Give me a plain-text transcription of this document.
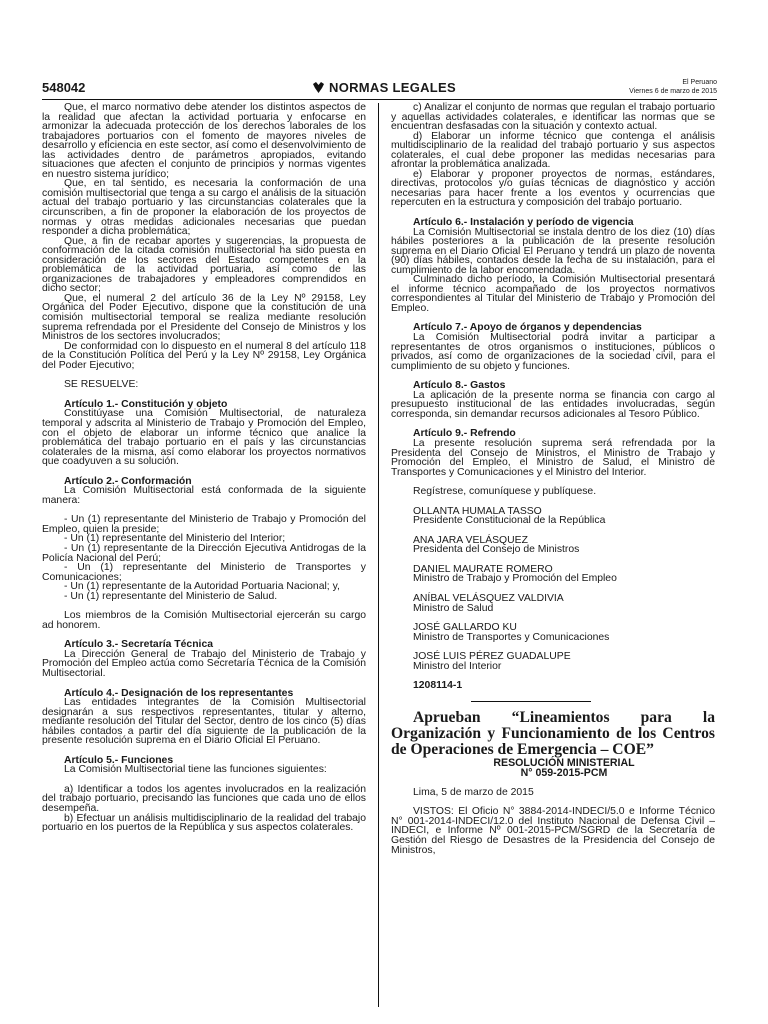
548042	NORMAS LEGALES	El Peruano
Viernes 6 de marzo de 2015

Que, el marco normativo debe atender los distintos aspectos de la realidad que afectan la actividad portuaria y enfocarse en armonizar la adecuada protección de los derechos laborales de los trabajadores portuarios con el fomento de mayores niveles de desarrollo y eficiencia en este sector, así como el desenvolvimiento de las actividades dentro de parámetros apropiados, evitando situaciones que afecten el conjunto de principios y normas vigentes en nuestro sistema jurídico;

Que, en tal sentido, es necesaria la conformación de una comisión multisectorial que tenga a su cargo el análisis de la situación actual del trabajo portuario y las circunstancias colaterales que la circunscriben, a fin de proponer la elaboración de los proyectos de normas y otras medidas adicionales necesarias que puedan responder a dicha problemática;

Que, a fin de recabar aportes y sugerencias, la propuesta de conformación de la citada comisión multisectorial ha sido puesta en consideración de los sectores del Estado competentes en la problemática de la actividad portuaria, así como de las organizaciones de trabajadores y empleadores comprendidos en dicho sector;

Que, el numeral 2 del artículo 36 de la Ley Nº 29158, Ley Orgánica del Poder Ejecutivo, dispone que la constitución de una comisión multisectorial temporal se realiza mediante resolución suprema refrendada por el Presidente del Consejo de Ministros y los Ministros de los sectores involucrados;

De conformidad con lo dispuesto en el numeral 8 del artículo 118 de la Constitución Política del Perú y la Ley Nº 29158, Ley Orgánica del Poder Ejecutivo;

SE RESUELVE:

Artículo 1.- Constitución y objeto

Constitúyase una Comisión Multisectorial, de naturaleza temporal y adscrita al Ministerio de Trabajo y Promoción del Empleo, con el objeto de elaborar un informe técnico que analice la problemática del trabajo portuario en el país y las circunstancias colaterales de la misma, así como elaborar los proyectos normativos que coadyuven a su solución.

Artículo 2.- Conformación

La Comisión Multisectorial está conformada de la siguiente manera:

- Un (1) representante del Ministerio de Trabajo y Promoción del Empleo, quien la preside;

- Un (1) representante del Ministerio del Interior;

- Un (1) representante de la Dirección Ejecutiva Antidrogas de la Policía Nacional del Perú;

- Un (1) representante del Ministerio de Transportes y Comunicaciones;

- Un (1) representante de la Autoridad Portuaria Nacional; y,

- Un (1) representante del Ministerio de Salud.

Los miembros de la Comisión Multisectorial ejercerán su cargo ad honorem.

Artículo 3.- Secretaría Técnica

La Dirección General de Trabajo del Ministerio de Trabajo y Promoción del Empleo actúa como Secretaría Técnica de la Comisión Multisectorial.

Artículo 4.- Designación de los representantes

Las entidades integrantes de la Comisión Multisectorial designarán a sus respectivos representantes, titular y alterno, mediante resolución del Titular del Sector, dentro de los cinco (5) días hábiles contados a partir del día siguiente de la publicación de la presente resolución suprema en el Diario Oficial El Peruano.

Artículo 5.- Funciones

La Comisión Multisectorial tiene las funciones siguientes:

a) Identificar a todos los agentes involucrados en la realización del trabajo portuario, precisando las funciones que cada uno de ellos desempeña.

b) Efectuar un análisis multidisciplinario de la realidad del trabajo portuario en los puertos de la República y sus aspectos colaterales.

c) Analizar el conjunto de normas que regulan el trabajo portuario y aquellas actividades colaterales, e identificar las normas que se encuentran desfasadas con la situación y contexto actual.

d) Elaborar un informe técnico que contenga el análisis multidisciplinario de la realidad del trabajo portuario y sus aspectos colaterales, el cual debe proponer las medidas necesarias para afrontar la problemática analizada.

e) Elaborar y proponer proyectos de normas, estándares, directivas, protocolos y/o guías técnicas de diagnóstico y acción necesarias para hacer frente a los eventos y ocurrencias que repercuten en la estructura y composición del trabajo portuario.

Artículo 6.- Instalación y período de vigencia

La Comisión Multisectorial se instala dentro de los diez (10) días hábiles posteriores a la publicación de la presente resolución suprema en el Diario Oficial El Peruano y tendrá un plazo de noventa (90) días hábiles, contados desde la fecha de su instalación, para el cumplimiento de la labor encomendada.

Culminado dicho período, la Comisión Multisectorial presentará el informe técnico acompañado de los proyectos normativos correspondientes al Titular del Ministerio de Trabajo y Promoción del Empleo.

Artículo 7.- Apoyo de órganos y dependencias

La Comisión Multisectorial podrá invitar a participar a representantes de otros organismos o instituciones, públicos o privados, así como de organizaciones de la sociedad civil, para el cumplimiento de su objeto y funciones.

Artículo 8.- Gastos

La aplicación de la presente norma se financia con cargo al presupuesto institucional de las entidades involucradas, según corresponda, sin demandar recursos adicionales al Tesoro Público.

Artículo 9.- Refrendo

La presente resolución suprema será refrendada por la Presidenta del Consejo de Ministros, el Ministro de Trabajo y Promoción del Empleo, el Ministro de Salud, el Ministro de Transportes y Comunicaciones y el Ministro del Interior.

Regístrese, comuníquese y publíquese.

OLLANTA HUMALA TASSO

Presidente Constitucional de la República

ANA JARA VELÁSQUEZ

Presidenta del Consejo de Ministros

DANIEL MAURATE ROMERO

Ministro de Trabajo y Promoción del Empleo

ANÍBAL VELÁSQUEZ VALDIVIA

Ministro de Salud

JOSÉ GALLARDO KU

Ministro de Transportes y Comunicaciones

JOSÉ LUIS PÉREZ GUADALUPE

Ministro del Interior

1208114-1

Aprueban “Lineamientos para la Organización y Funcionamiento de los Centros de Operaciones de Emergencia – COE”

RESOLUCIÓN MINISTERIAL

N° 059-2015-PCM

Lima, 5 de marzo de 2015

VISTOS: El Oficio N° 3884-2014-INDECI/5.0 e Informe Técnico N° 001-2014-INDECI/12.0 del Instituto Nacional de Defensa Civil – INDECI, e Informe Nº 001-2015-PCM/SGRD de la Secretaría de Gestión del Riesgo de Desastres de la Presidencia del Consejo de Ministros,
